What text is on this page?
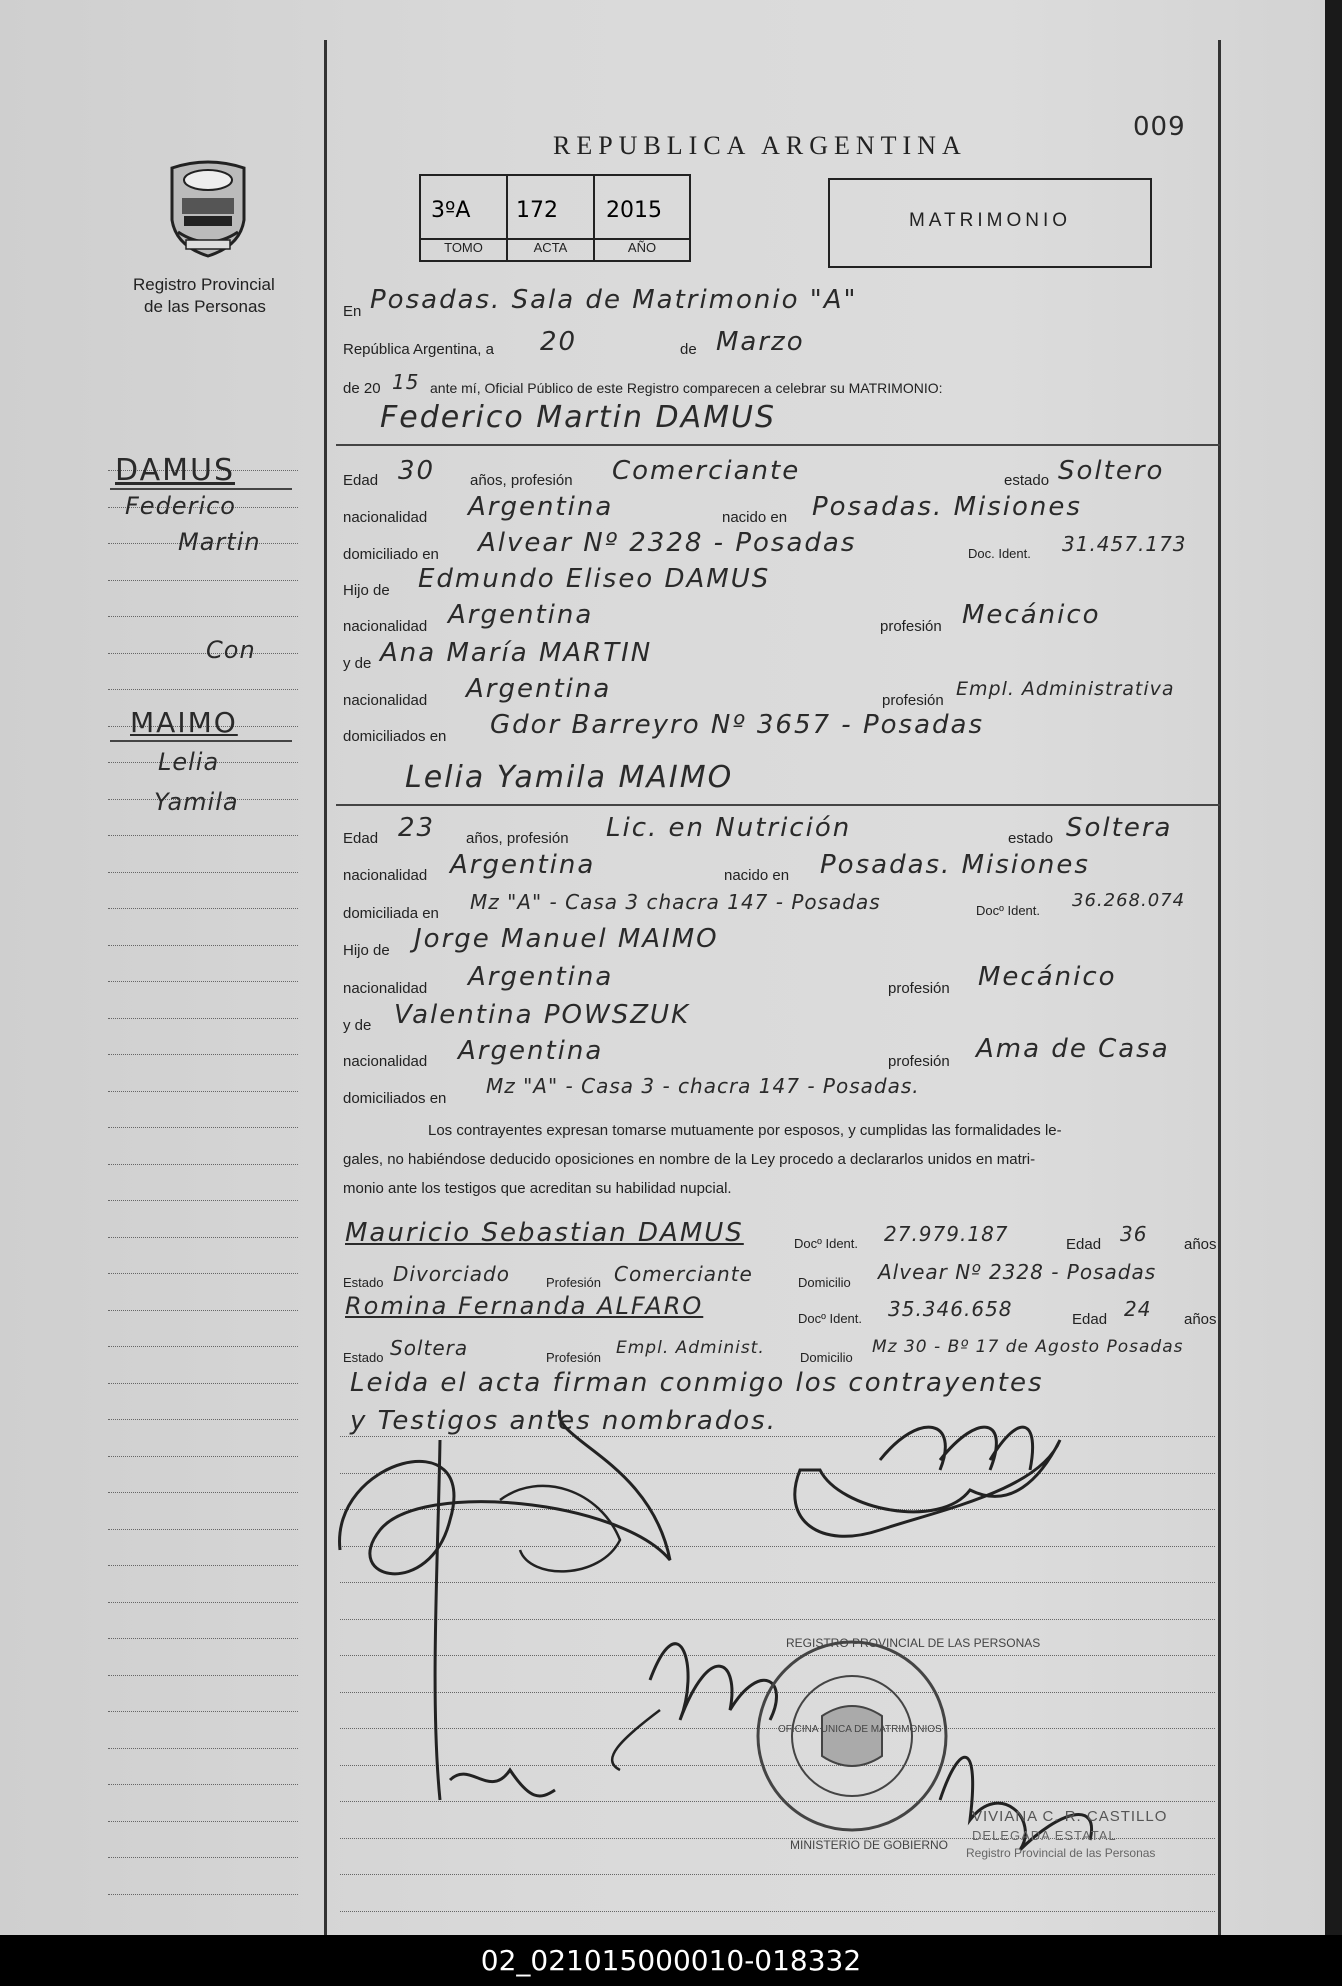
Registro Provincial
de las Personas
REPUBLICA ARGENTINA
009
3ºA 172 2015
TOMO	ACTA	AÑO
MATRIMONIO
DAMUS
Federico
Martin
Con
MAIMO
Lelia
Yamila
En Posadas. Sala de Matrimonio "A"
República Argentina, a 20	de Marzo
de 20 15 ante mí, Oficial Público de este Registro comparecen a celebrar su MATRIMONIO:
Federico Martin DAMUS
Edad 30 años, profesión Comerciante	estado Soltero
nacionalidad Argentina	nacido en Posadas. Misiones
domiciliado en Alvear Nº 2328 - Posadas	Doc. Ident. 31.457.173
Hijo de Edmundo Eliseo DAMUS
nacionalidad Argentina	profesión Mecánico
y de Ana María MARTIN
nacionalidad Argentina	profesión
Empl. Administrativa
domiciliados en Gdor Barreyro Nº 3657 - Posadas
Lelia Yamila MAIMO
Edad 23 años, profesión Lic. en Nutrición	estado Soltera
nacionalidad Argentina	nacido en Posadas. Misiones
domiciliada en Mz "A" - Casa 3 chacra 147 - Posadas	Docº Ident. 36.268.074
Hijo de Jorge Manuel MAIMO
nacionalidad Argentina	profesión Mecánico
y de Valentina POWSZUK
nacionalidad Argentina	profesión Ama de Casa
domiciliados en
Mz "A" - Casa 3 - chacra 147 - Posadas.
Los contrayentes expresan tomarse mutuamente por esposos, y cumplidas las formalidades le-
gales, no habiéndose deducido oposiciones en nombre de la Ley procedo a declararlos unidos en matri-
monio ante los testigos que acreditan su habilidad nupcial.
Mauricio Sebastian DAMUS	Docº Ident. 27.979.187	Edad 36 años
Estado Divorciado	Profesión Comerciante	Domicilio Alvear Nº 2328 - Posadas
Romina Fernanda ALFARO	Docº Ident. 35.346.658	Edad 24 años
Estado Soltera	Profesión Empl. Administ.	Domicilio
Mz 30 - Bº 17 de Agosto Posadas
Leida el acta firman conmigo los contrayentes
y Testigos antes nombrados.
REGISTRO PROVINCIAL DE LAS PERSONAS
OFICINA UNICA DE MATRIMONIOS
MINISTERIO DE GOBIERNO
VIVIANA C. R. CASTILLO
DELEGADA ESTATAL
Registro Provincial de las Personas
02_021015000010-018332
